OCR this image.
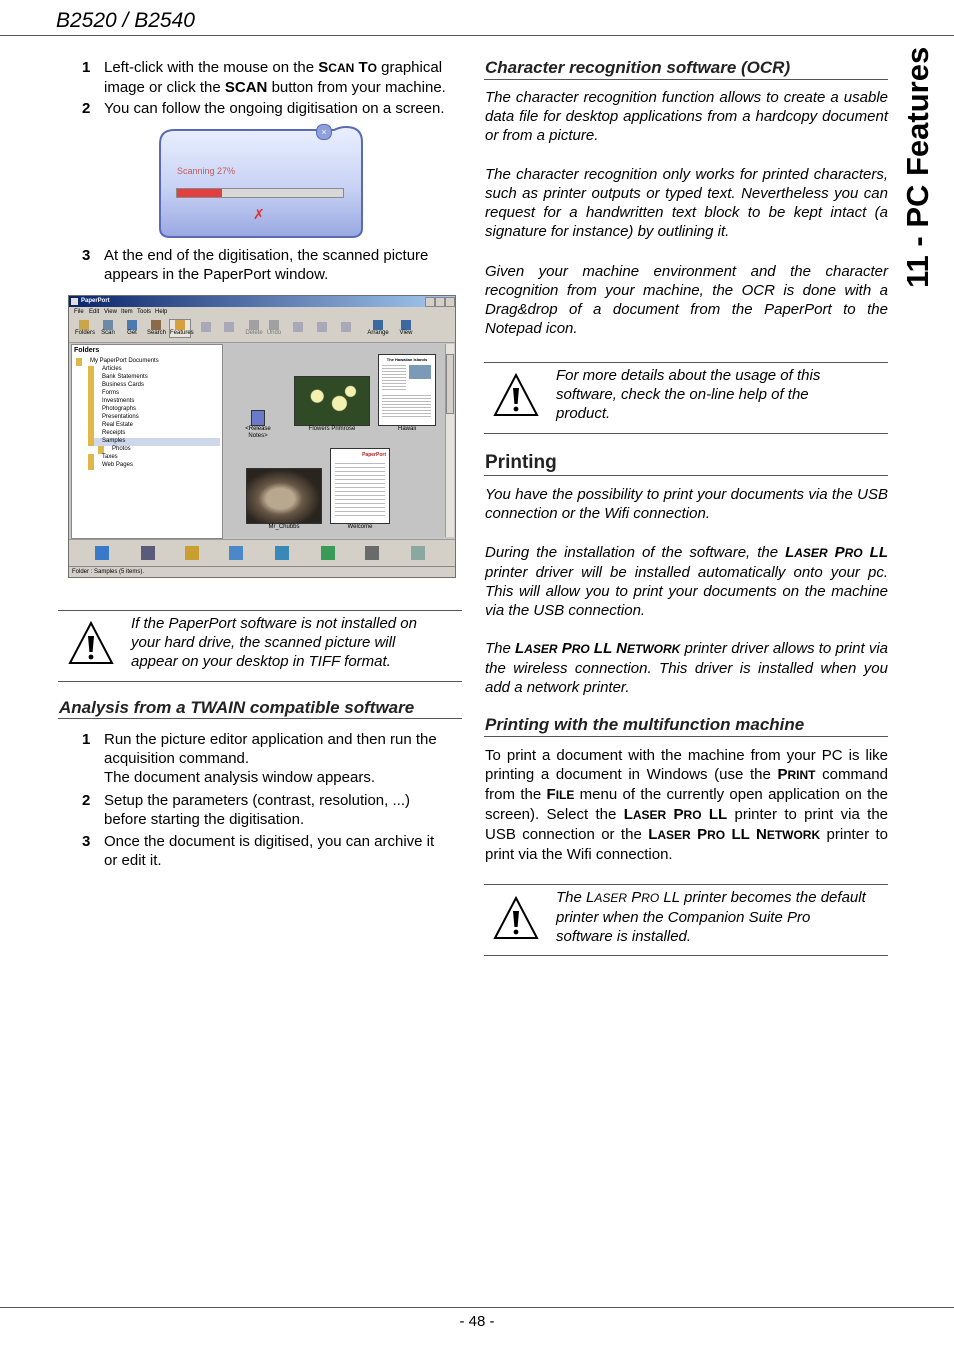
B2520 / B2540
11 - PC Features
1 Left-click with the mouse on the SCAN TO graphical
image or click the SCAN button from your machine.
2 You can follow the ongoing digitisation on a screen.
×
Scanning 27%
✗
3 At the end of the digitisation, the scanned picture
appears in the PaperPort window.
PaperPort
File Edit View Item Tools Help
Folders	Scan	Get	Search Features	Delete Undo	Arrange	View
Folders
My PaperPort Documents
Articles
Bank Statements
Business Cards
Forms
Investments
Photographs
Presentations
Real Estate
Receipts
Samples
Photos
Taxes
Web Pages
<Release Notes>
Flowers Primrose
The Hawaiian Islands
Hawaii
Mr_Chubbs
PaperPort
Welcome
Folder : Samples (5 items).
If the PaperPort software is not installed on
your hard drive, the scanned picture will
appear on your desktop in TIFF format.
Analysis from a TWAIN compatible software
1 Run the picture editor application and then run the
acquisition command.
The document analysis window appears.
2 Setup the parameters (contrast, resolution, ...)
before starting the digitisation.
3 Once the document is digitised, you can archive it
or edit it.
Character recognition software (OCR)
The character recognition function allows to create a usable data file for desktop applications from a hardcopy document or from a picture.
The character recognition only works for printed characters, such as printer outputs or typed text. Nevertheless you can request for a handwritten text block to be kept intact (a signature for instance) by outlining it.
Given your machine environment and the character recognition from your machine, the OCR is done with a Drag&drop of a document from the PaperPort to the Notepad icon.
For more details about the usage of this
software, check the on-line help of the
product.
Printing
You have the possibility to print your documents via the USB connection or the Wifi connection.
During the installation of the software, the LASER PRO LL printer driver will be installed automatically onto your pc. This will allow you to print your documents on the machine via the USB connection.
The LASER PRO LL NETWORK printer driver allows to print via the wireless connection. This driver is installed when you add a network printer.
Printing with the multifunction machine
To print a document with the machine from your PC is like printing a document in Windows (use the PRINT command from the FILE menu of the currently open application on the screen). Select the LASER PRO LL printer to print via the USB connection or the LASER PRO LL NETWORK printer to print via the Wifi connection.
The LASER PRO LL printer becomes the default
printer when the Companion Suite Pro
software is installed.
- 48 -
